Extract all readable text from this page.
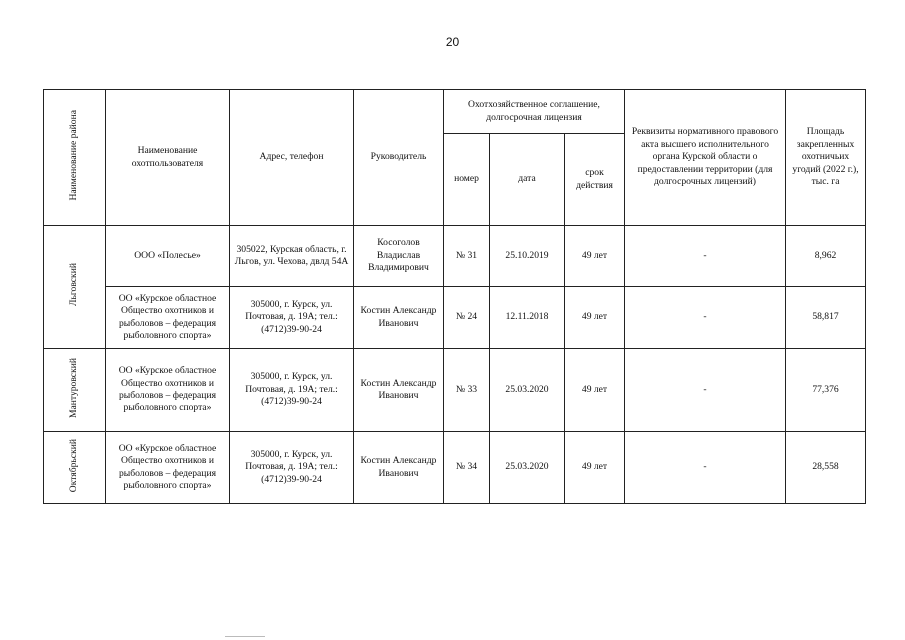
20
Наименование района	Наименование охотпользователя	Адрес, телефон	Руководитель	Охотхозяйственное соглашение, долгосрочная лицензия			Реквизиты нормативного правового акта высшего исполнительного органа Курской области о предоставлении территории (для долгосрочных лицензий)	Площадь закрепленных охотничьих угодий (2022 г.), тыс. га
				номер	дата	срок действия		
Льговский	ООО «Полесье»	305022, Курская область, г. Льгов, ул. Чехова, двлд 54А	Косоголов Владислав Владимирович	№ 31	25.10.2019	49 лет	-	8,962
	ОО «Курское областное Общество охотников и рыболовов – федерация рыболовного спорта»	305000, г. Курск, ул. Почтовая, д. 19А; тел.: (4712)39-90-24	Костин Александр Иванович	№ 24	12.11.2018	49 лет	-	58,817
Мантуровский	ОО «Курское областное Общество охотников и рыболовов – федерация рыболовного спорта»	305000, г. Курск, ул. Почтовая, д. 19А; тел.: (4712)39-90-24	Костин Александр Иванович	№ 33	25.03.2020	49 лет	-	77,376
Октябрьский	ОО «Курское областное Общество охотников и рыболовов – федерация рыболовного спорта»	305000, г. Курск, ул. Почтовая, д. 19А; тел.: (4712)39-90-24	Костин Александр Иванович	№ 34	25.03.2020	49 лет	-	28,558
